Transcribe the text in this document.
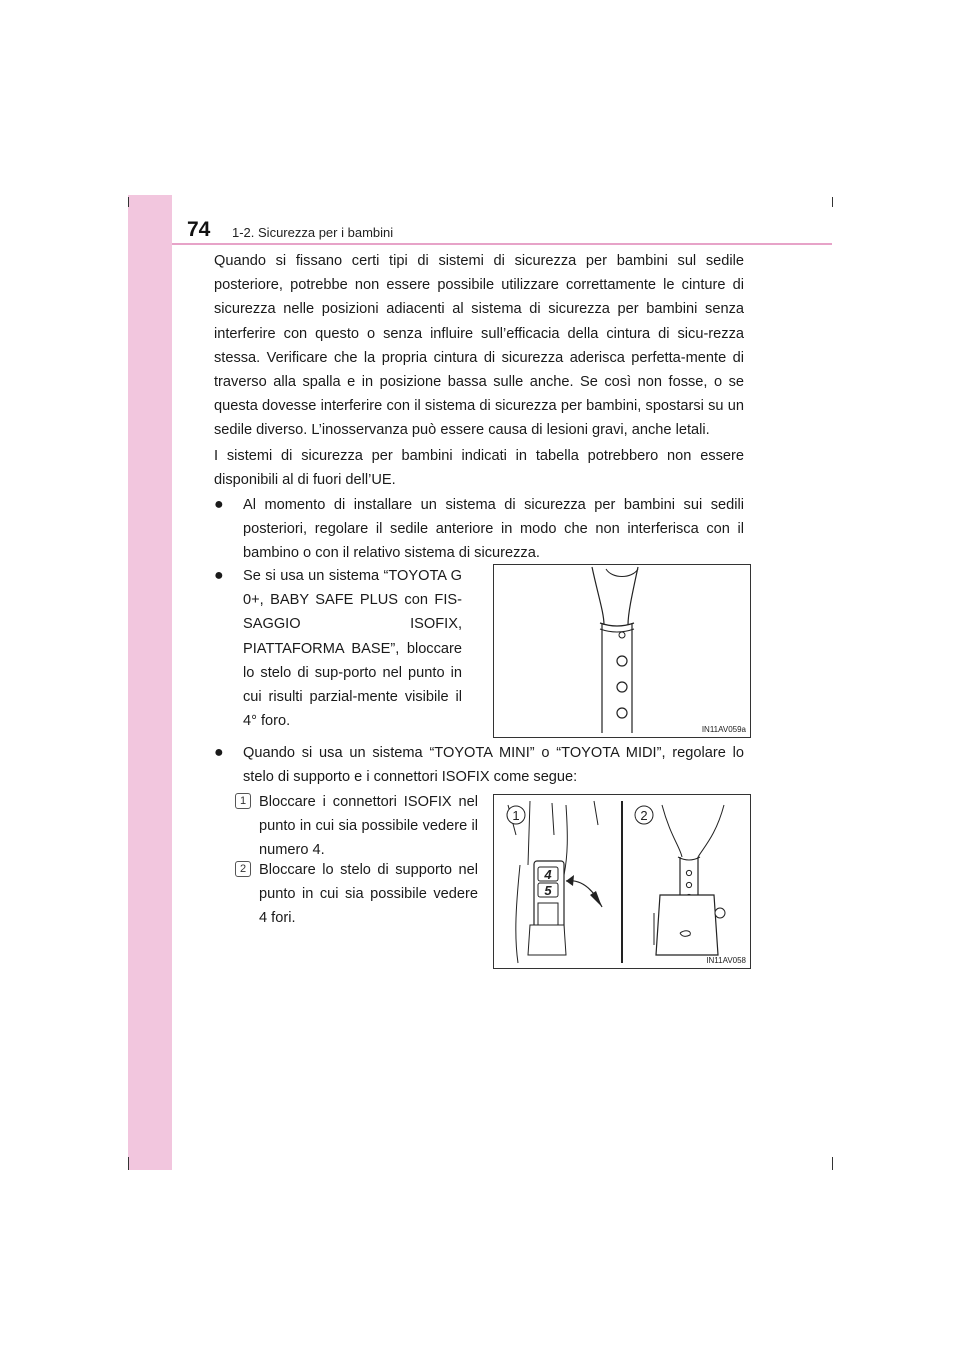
74 1-2. Sicurezza per i bambini
Quando si fissano certi tipi di sistemi di sicurezza per bambini sul sedile posteriore, potrebbe non essere possibile utilizzare correttamente le cinture di sicurezza nelle posizioni adiacenti al sistema di sicurezza per bambini senza interferire con questo o senza influire sull’efficacia della cintura di sicu-rezza stessa. Verificare che la propria cintura di sicurezza aderisca perfetta-mente di traverso alla spalla e in posizione bassa sulle anche. Se così non fosse, o se questa dovesse interferire con il sistema di sicurezza per bambini, spostarsi su un sedile diverso. L’inosservanza può essere causa di lesioni gravi, anche letali.
I sistemi di sicurezza per bambini indicati in tabella potrebbero non essere disponibili al di fuori dell’UE.
● Al momento di installare un sistema di sicurezza per bambini sui sedili posteriori, regolare il sedile anteriore in modo che non interferisca con il bambino o con il relativo sistema di sicurezza.
● Se si usa un sistema “TOYOTA G 0+, BABY SAFE PLUS con FIS-SAGGIO ISOFIX, PIATTAFORMA BASE”, bloccare lo stelo di sup-porto nel punto in cui risulti parzial-mente visibile il 4° foro.
IN11AV059a
● Quando si usa un sistema “TOYOTA MINI” o “TOYOTA MIDI”, regolare lo stelo di supporto e i connettori ISOFIX come segue:
1 Bloccare i connettori ISOFIX nel punto in cui sia possibile vedere il numero 4.
2 Bloccare lo stelo di supporto nel punto in cui sia possibile vedere 4 fori.
4
5
1	2
IN11AV058
